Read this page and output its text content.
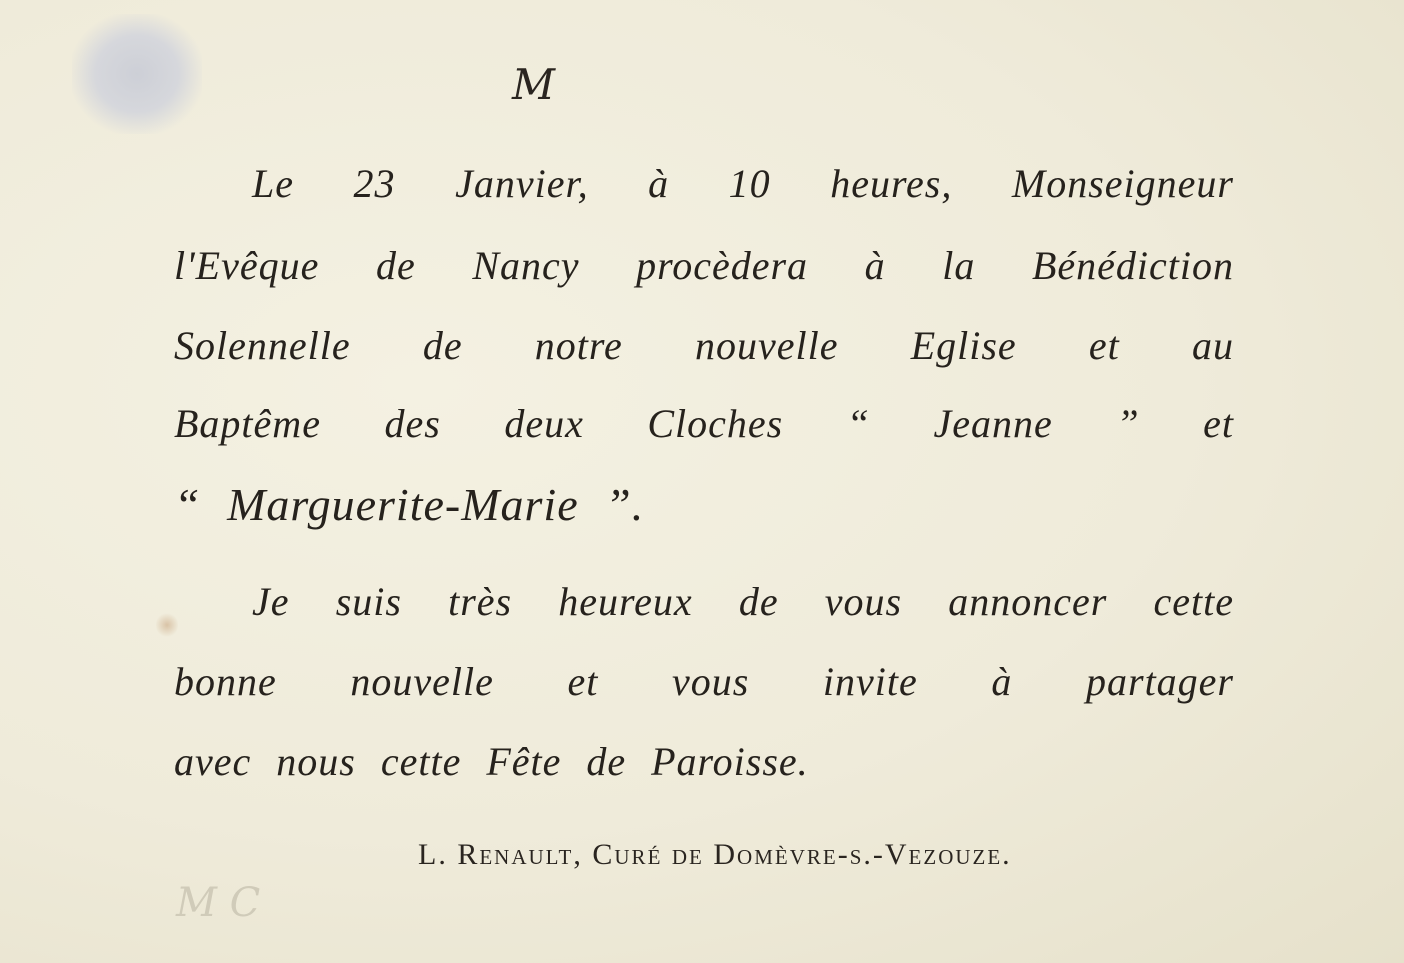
M
Le 23 Janvier, à 10 heures, Monseigneur
l'Evêque de Nancy procèdera à la Bénédiction
Solennelle de notre nouvelle Eglise et au
Baptême des deux Cloches “ Jeanne ” et
“ Marguerite-Marie ”.
Je suis très heureux de vous annoncer cette
bonne nouvelle et vous invite à partager
avec nous cette Fête de Paroisse.
L. Renault, Curé de Domèvre-s.-Vezouze.
M C
